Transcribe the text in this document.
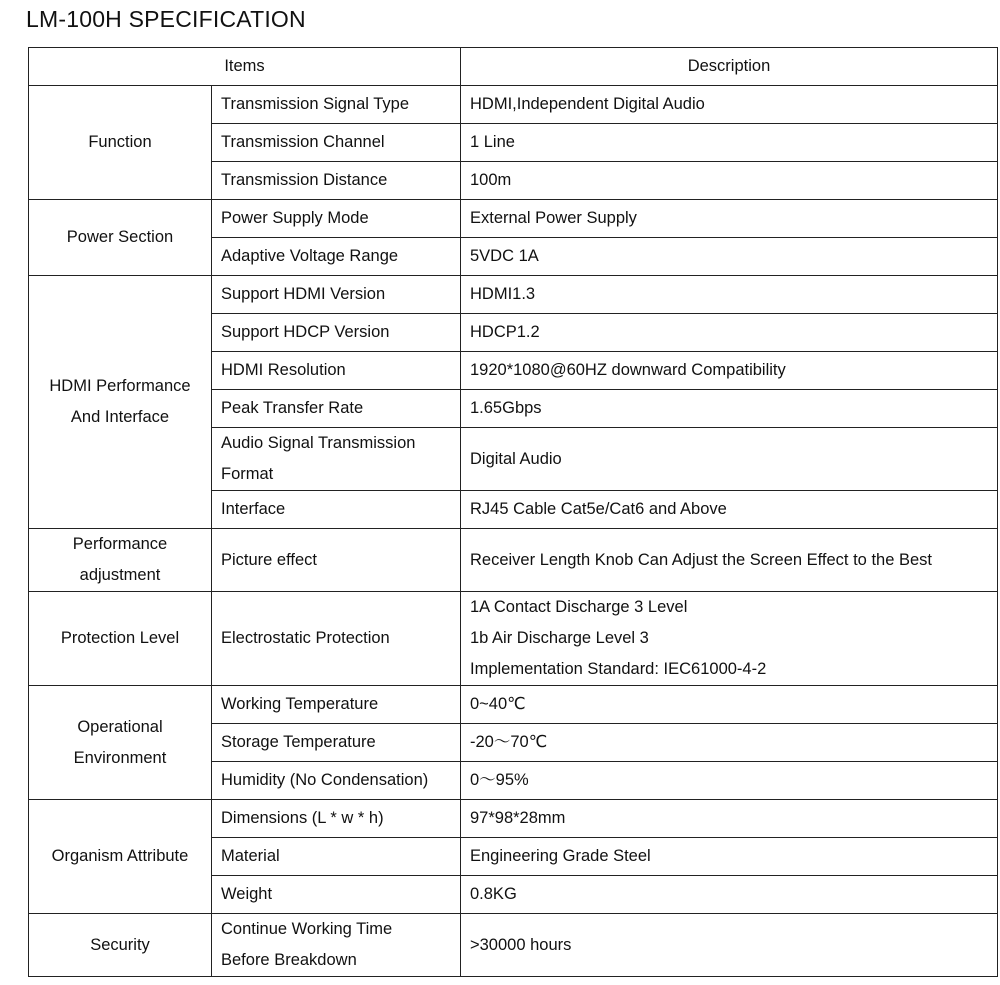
LM-100H SPECIFICATION
Items		Description

Function	Transmission Signal Type	HDMI,Independent Digital Audio

	Transmission Channel	1 Line

	Transmission Distance	100m

Power Section	Power Supply Mode	External Power Supply

	Adaptive Voltage Range	5VDC 1A

HDMI Performance
And Interface	Support HDMI Version	HDMI1.3

	Support HDCP Version	HDCP1.2

	HDMI Resolution	1920*1080@60HZ downward Compatibility

	Peak Transfer Rate	1.65Gbps

	Audio Signal Transmission
Format	Digital Audio

	Interface	RJ45 Cable Cat5e/Cat6 and Above

Performance
adjustment	Picture effect	Receiver Length Knob Can Adjust the Screen Effect to the Best

Protection Level	Electrostatic Protection	1A Contact Discharge 3 Level
1b Air Discharge Level 3
Implementation Standard: IEC61000-4-2

Operational
Environment	Working Temperature	0~40℃

	Storage Temperature	-20～70℃

	Humidity (No Condensation)	0～95%

Organism Attribute	Dimensions (L * w * h)	97*98*28mm

	Material	Engineering Grade Steel

	Weight	0.8KG

Security	Continue Working Time
Before Breakdown	>30000 hours
